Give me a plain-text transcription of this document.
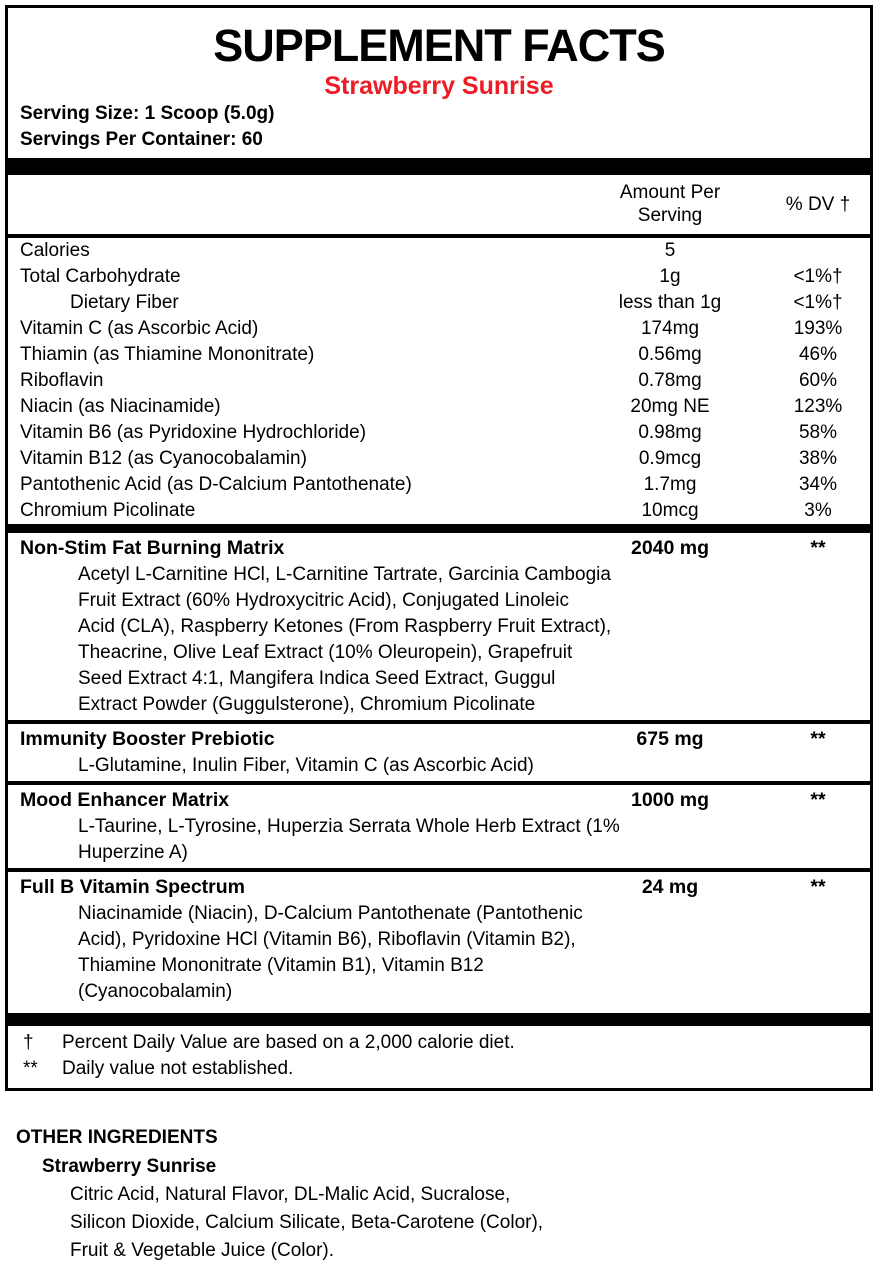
SUPPLEMENT FACTS
Strawberry Sunrise
Serving Size: 1 Scoop (5.0g)
Servings Per Container: 60
Amount Per Serving
% DV †
Calories	5
Total Carbohydrate	1g	<1%†
Dietary Fiber	less than 1g	<1%†
Vitamin C (as Ascorbic Acid)	174mg	193%
Thiamin (as Thiamine Mononitrate)	0.56mg	46%
Riboflavin	0.78mg	60%
Niacin (as Niacinamide)	20mg NE	123%
Vitamin B6 (as Pyridoxine Hydrochloride)	0.98mg	58%
Vitamin B12 (as Cyanocobalamin)	0.9mcg	38%
Pantothenic Acid (as D-Calcium Pantothenate)	1.7mg	34%
Chromium Picolinate	10mcg	3%
Non-Stim Fat Burning Matrix	2040 mg	**
Acetyl L-Carnitine HCl, L-Carnitine Tartrate, Garcinia Cambogia
Fruit Extract (60% Hydroxycitric Acid), Conjugated Linoleic
Acid (CLA), Raspberry Ketones (From Raspberry Fruit Extract),
Theacrine, Olive Leaf Extract (10% Oleuropein), Grapefruit
Seed Extract 4:1, Mangifera Indica Seed Extract, Guggul
Extract Powder (Guggulsterone), Chromium Picolinate
Immunity Booster Prebiotic	675 mg	**
L-Glutamine, Inulin Fiber, Vitamin C (as Ascorbic Acid)
Mood Enhancer Matrix	1000 mg	**
L-Taurine, L-Tyrosine, Huperzia Serrata Whole Herb Extract (1%
Huperzine A)
Full B Vitamin Spectrum	24 mg	**
Niacinamide (Niacin), D-Calcium Pantothenate (Pantothenic
Acid), Pyridoxine HCl (Vitamin B6), Riboflavin (Vitamin B2),
Thiamine Mononitrate (Vitamin B1), Vitamin B12
(Cyanocobalamin)
†	Percent Daily Value are based on a 2,000 calorie diet.
**	Daily value not established.
OTHER INGREDIENTS
Strawberry Sunrise
Citric Acid, Natural Flavor, DL-Malic Acid, Sucralose,
Silicon Dioxide, Calcium Silicate, Beta-Carotene (Color),
Fruit & Vegetable Juice (Color).
